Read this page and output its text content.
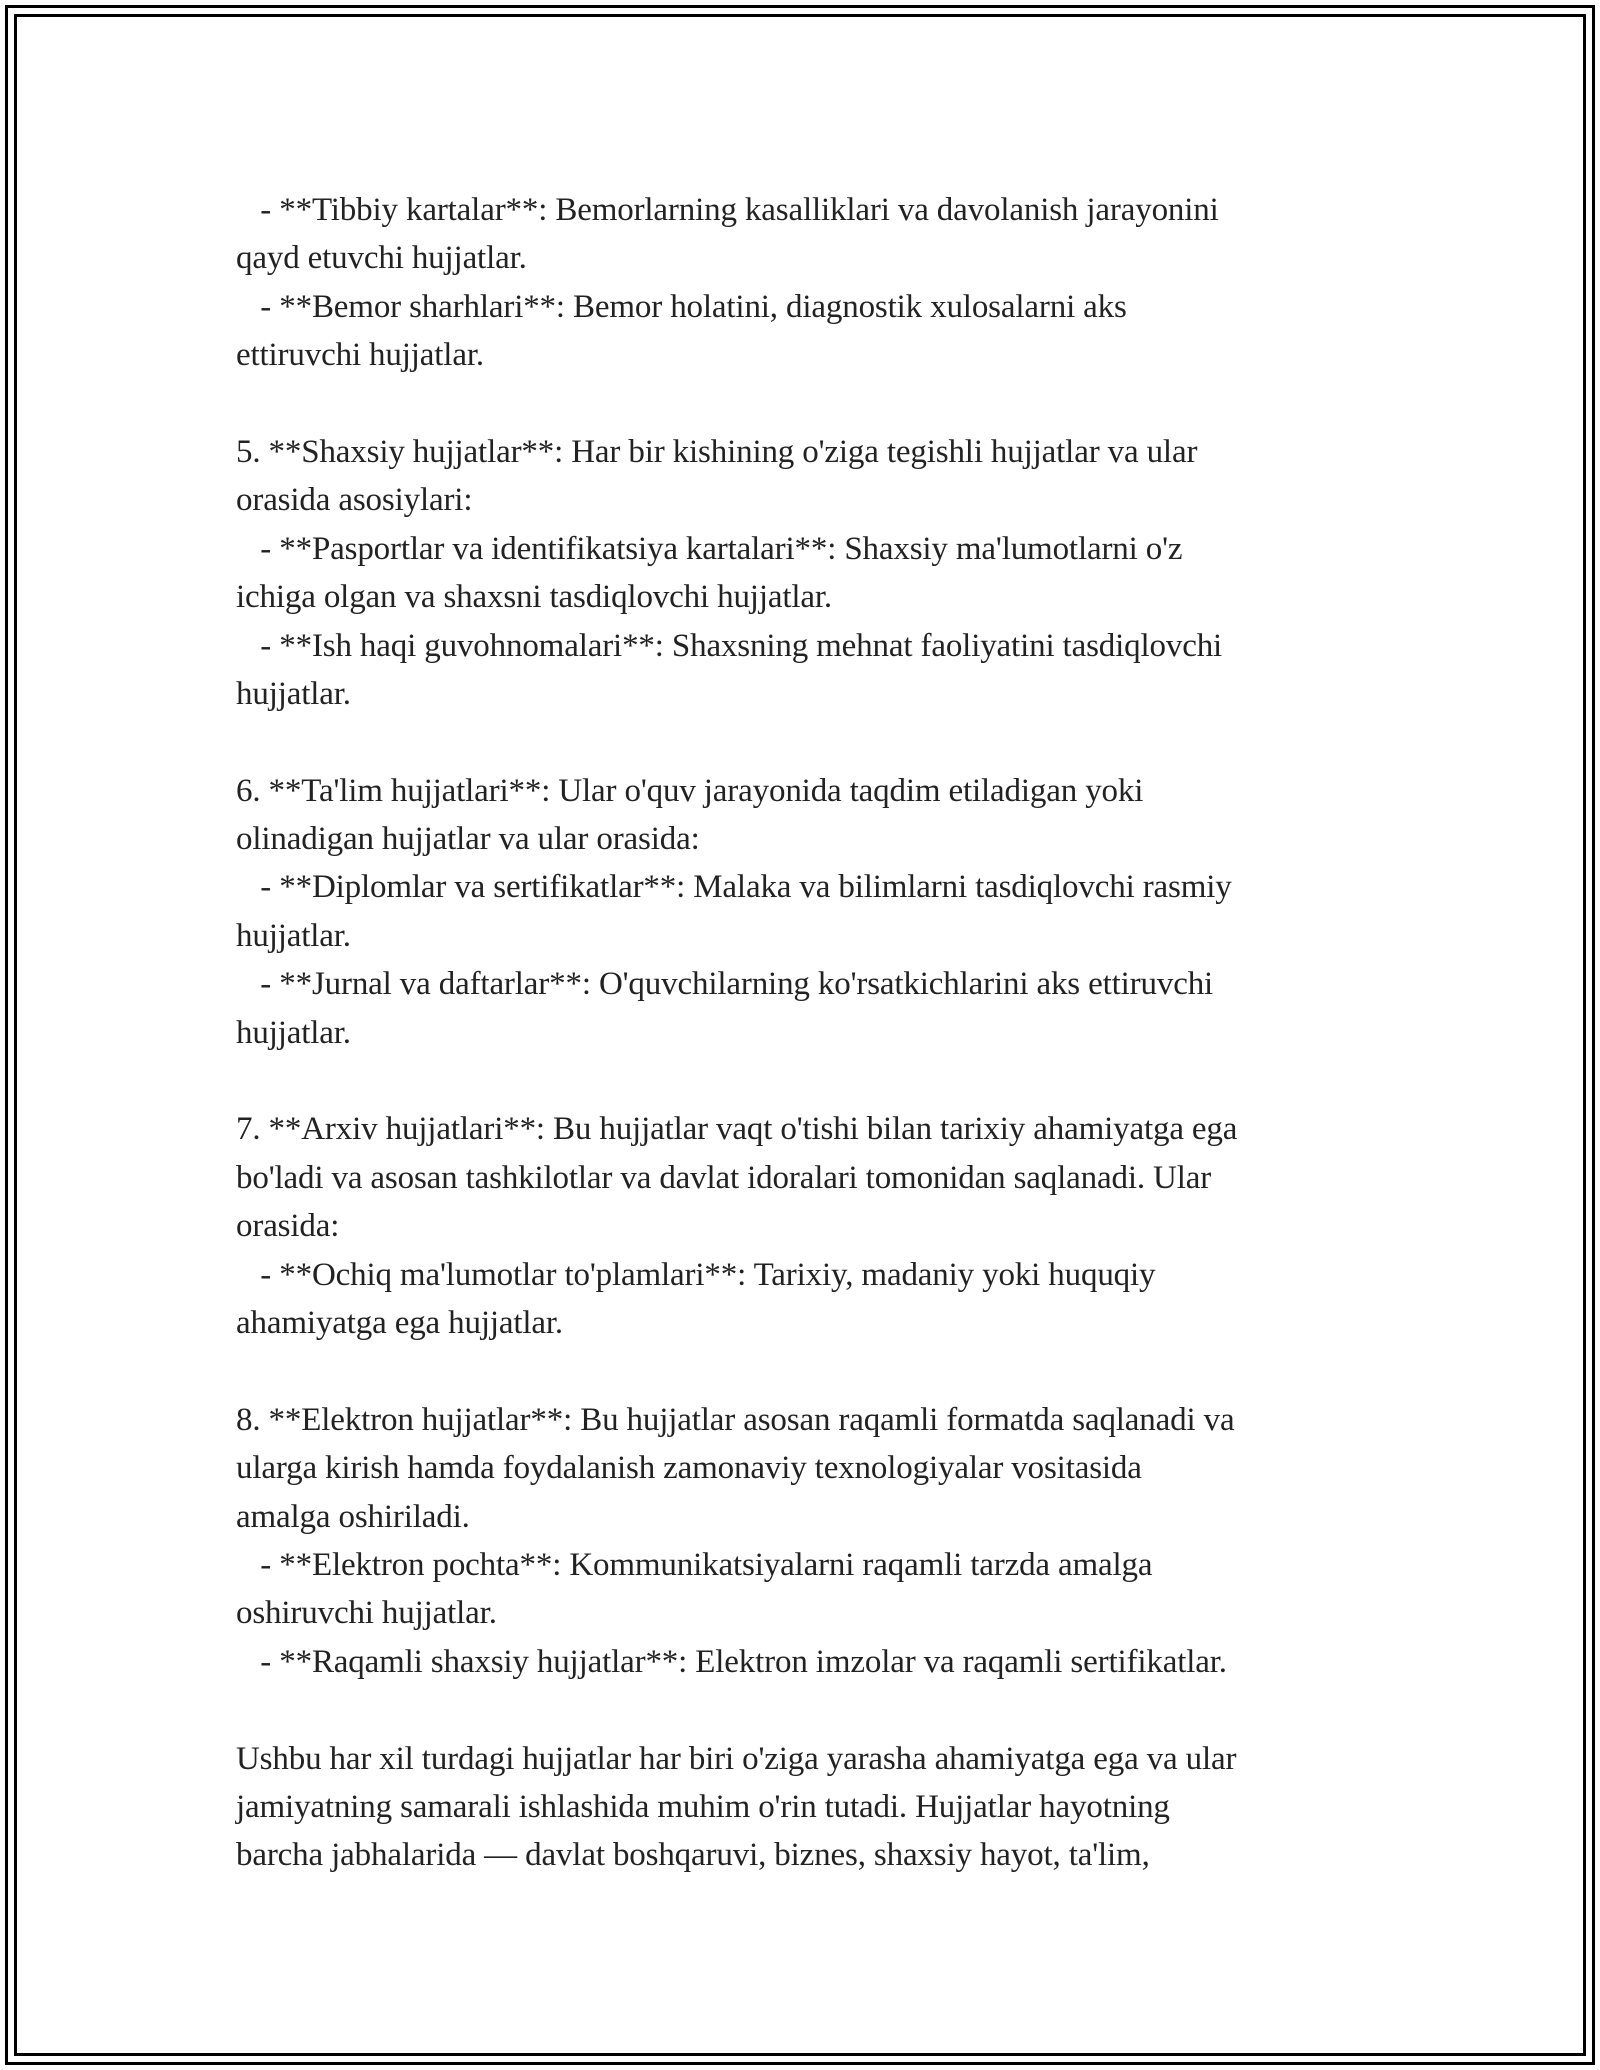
- **Tibbiy kartalar**: Bemorlarning kasalliklari va davolanish jarayonini
qayd etuvchi hujjatlar.
- **Bemor sharhlari**: Bemor holatini, diagnostik xulosalarni aks
ettiruvchi hujjatlar.
5. **Shaxsiy hujjatlar**: Har bir kishining o'ziga tegishli hujjatlar va ular
orasida asosiylari:
- **Pasportlar va identifikatsiya kartalari**: Shaxsiy ma'lumotlarni o'z
ichiga olgan va shaxsni tasdiqlovchi hujjatlar.
- **Ish haqi guvohnomalari**: Shaxsning mehnat faoliyatini tasdiqlovchi
hujjatlar.
6. **Ta'lim hujjatlari**: Ular o'quv jarayonida taqdim etiladigan yoki
olinadigan hujjatlar va ular orasida:
- **Diplomlar va sertifikatlar**: Malaka va bilimlarni tasdiqlovchi rasmiy
hujjatlar.
- **Jurnal va daftarlar**: O'quvchilarning ko'rsatkichlarini aks ettiruvchi
hujjatlar.
7. **Arxiv hujjatlari**: Bu hujjatlar vaqt o'tishi bilan tarixiy ahamiyatga ega
bo'ladi va asosan tashkilotlar va davlat idoralari tomonidan saqlanadi. Ular
orasida:
- **Ochiq ma'lumotlar to'plamlari**: Tarixiy, madaniy yoki huquqiy
ahamiyatga ega hujjatlar.
8. **Elektron hujjatlar**: Bu hujjatlar asosan raqamli formatda saqlanadi va
ularga kirish hamda foydalanish zamonaviy texnologiyalar vositasida
amalga oshiriladi.
- **Elektron pochta**: Kommunikatsiyalarni raqamli tarzda amalga
oshiruvchi hujjatlar.
- **Raqamli shaxsiy hujjatlar**: Elektron imzolar va raqamli sertifikatlar.
Ushbu har xil turdagi hujjatlar har biri o'ziga yarasha ahamiyatga ega va ular
jamiyatning samarali ishlashida muhim o'rin tutadi. Hujjatlar hayotning
barcha jabhalarida — davlat boshqaruvi, biznes, shaxsiy hayot, ta'lim,
